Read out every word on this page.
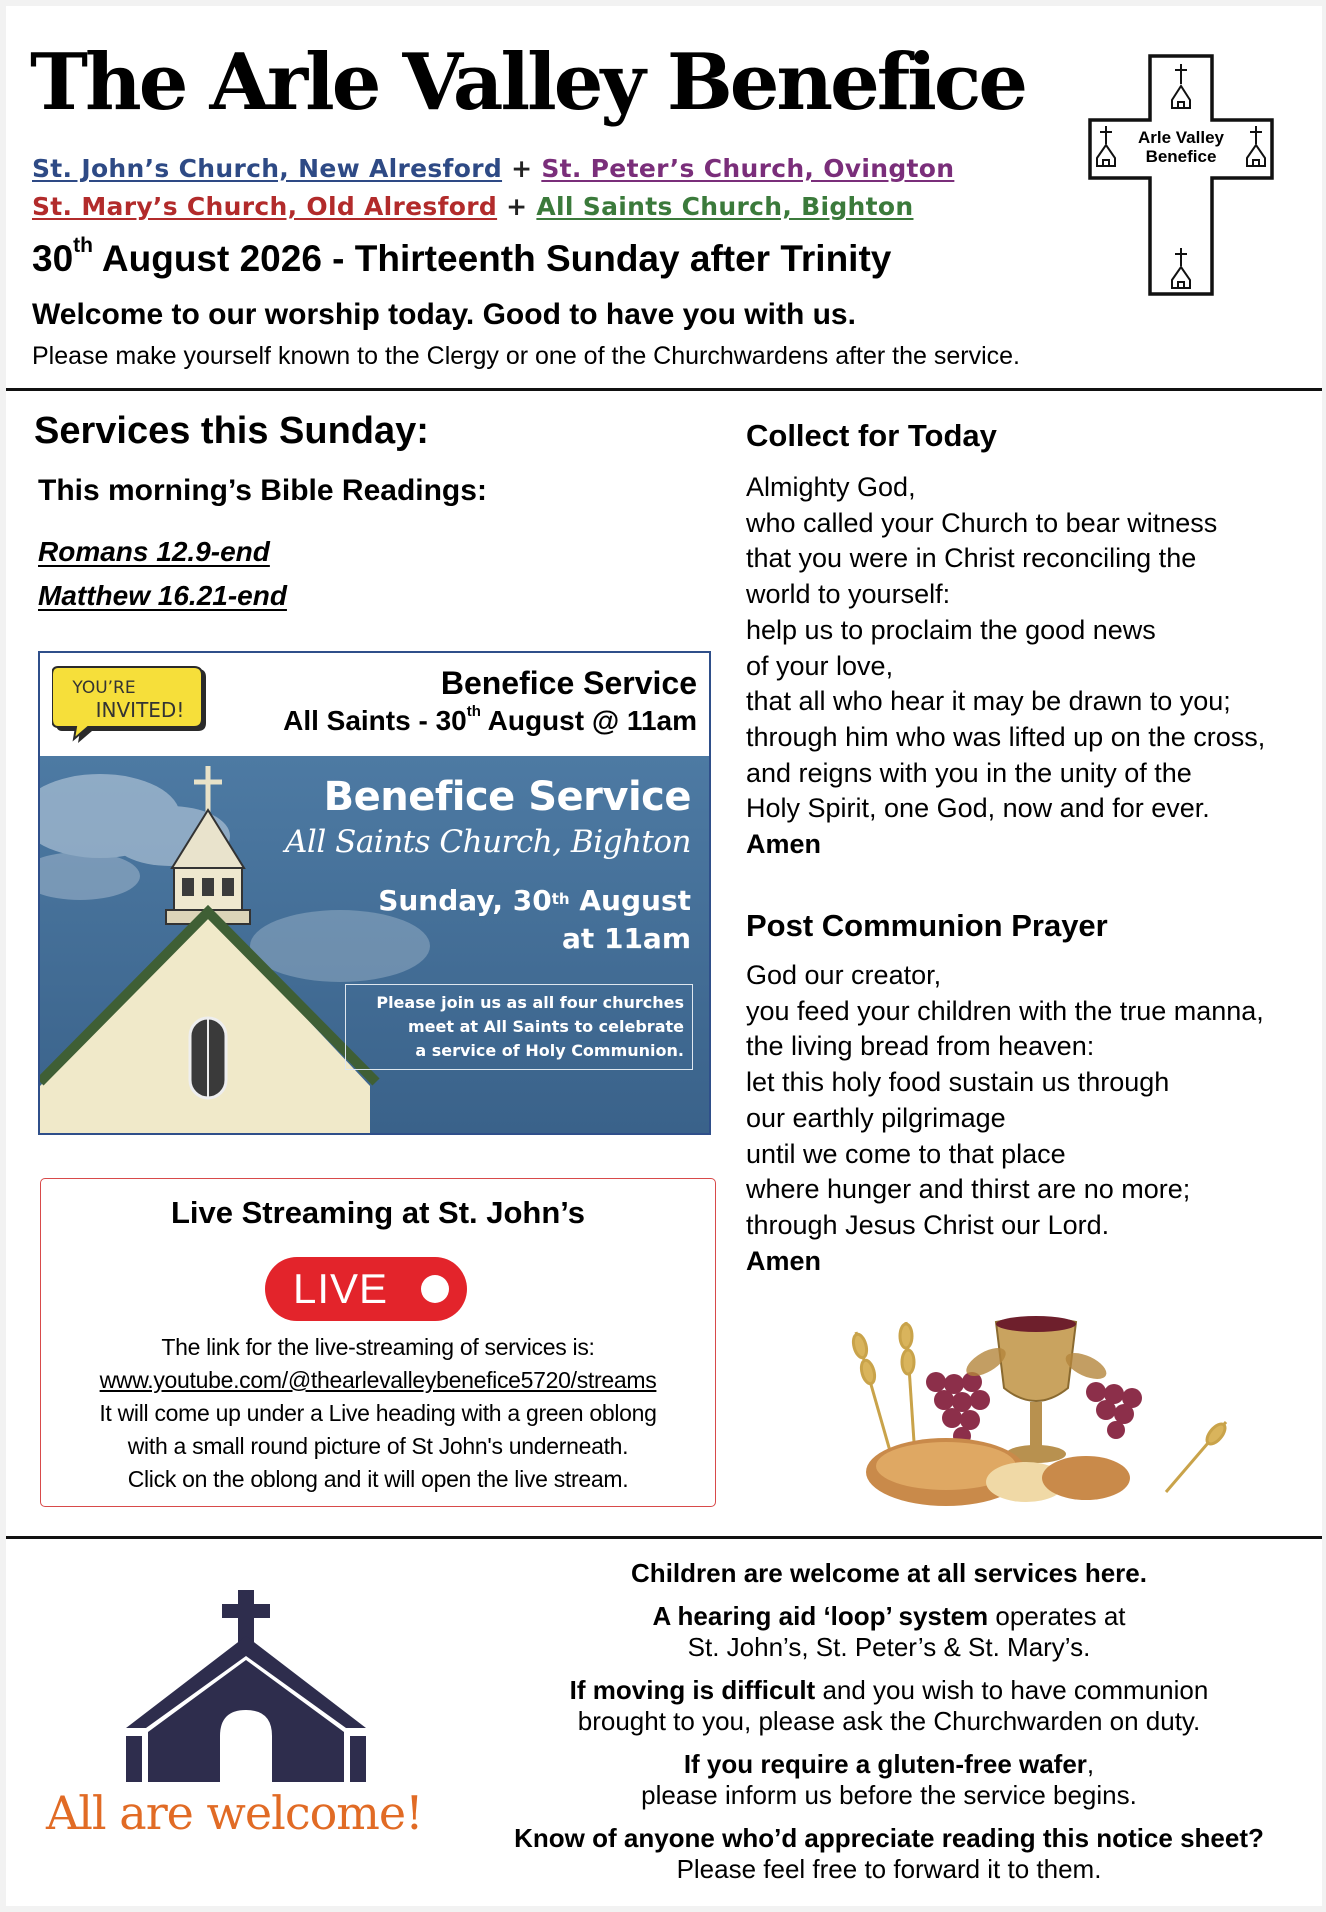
The Arle Valley Benefice
St. John’s Church, New Alresford + St. Peter’s Church, Ovington
St. Mary’s Church, Old Alresford + All Saints Church, Bighton
30th August 2026 - Thirteenth Sunday after Trinity
Welcome to our worship today. Good to have you with us.
Please make yourself known to the Clergy or one of the Churchwardens after the service.
Arle Valley
Benefice
Services this Sunday:
This morning’s Bible Readings:
Romans 12.9-end
Matthew 16.21-end
YOU’RE
INVITED!
Benefice Service
All Saints - 30th August @ 11am
Benefice Service
All Saints Church, Bighton
Sunday, 30th August
at 11am
Please join us as all four churches
meet at All Saints to celebrate
a service of Holy Communion.
Live Streaming at St. John’s
LIVE
The link for the live-streaming of services is:
www.youtube.com/@thearlevalleybenefice5720/streams
It will come up under a Live heading with a green oblong
with a small round picture of St John's underneath.
Click on the oblong and it will open the live stream.
Collect for Today
Almighty God,
who called your Church to bear witness
that you were in Christ reconciling the
world to yourself:
help us to proclaim the good news
of your love,
that all who hear it may be drawn to you;
through him who was lifted up on the cross,
and reigns with you in the unity of the
Holy Spirit, one God, now and for ever.
Amen
Post Communion Prayer
God our creator,
you feed your children with the true manna,
the living bread from heaven:
let this holy food sustain us through
our earthly pilgrimage
until we come to that place
where hunger and thirst are no more;
through Jesus Christ our Lord.
Amen
All are welcome!

Children are welcome at all services here.

A hearing aid ‘loop’ system operates at
St. John’s, St. Peter’s & St. Mary’s.

If moving is difficult and you wish to have communion
brought to you, please ask the Churchwarden on duty.

If you require a gluten-free wafer,
please inform us before the service begins.

Know of anyone who’d appreciate reading this notice sheet?
Please feel free to forward it to them.
